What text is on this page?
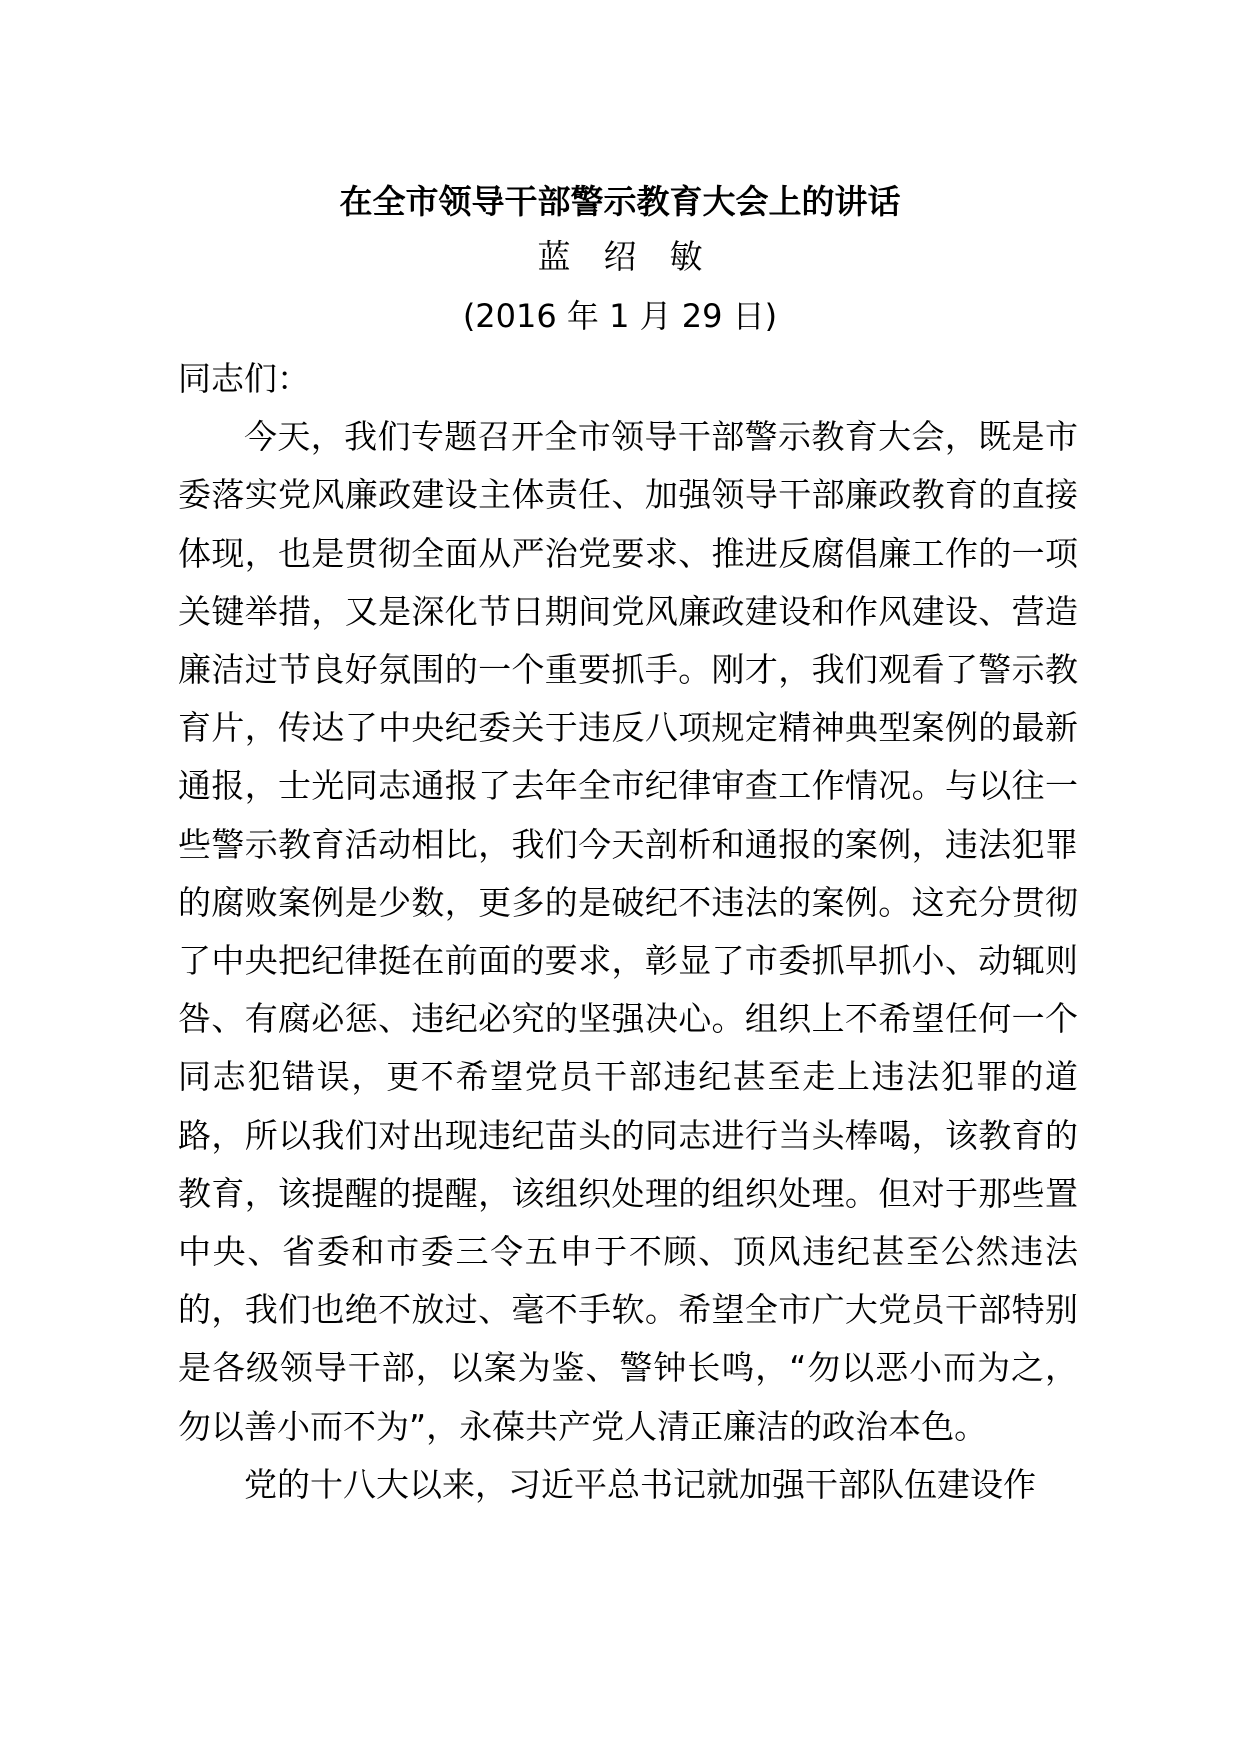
在全市领导干部警示教育大会上的讲话
蓝　绍　敏
(2016 年 1 月 29 日)

同志们：

今天，我们专题召开全市领导干部警示教育大会，既是市委落实党风廉政建设主体责任、加强领导干部廉政教育的直接体现，也是贯彻全面从严治党要求、推进反腐倡廉工作的一项关键举措，又是深化节日期间党风廉政建设和作风建设、营造廉洁过节良好氛围的一个重要抓手。刚才，我们观看了警示教育片，传达了中央纪委关于违反八项规定精神典型案例的最新通报，士光同志通报了去年全市纪律审查工作情况。与以往一些警示教育活动相比，我们今天剖析和通报的案例，违法犯罪的腐败案例是少数，更多的是破纪不违法的案例。这充分贯彻了中央把纪律挺在前面的要求，彰显了市委抓早抓小、动辄则咎、有腐必惩、违纪必究的坚强决心。组织上不希望任何一个同志犯错误，更不希望党员干部违纪甚至走上违法犯罪的道路，所以我们对出现违纪苗头的同志进行当头棒喝，该教育的教育，该提醒的提醒，该组织处理的组织处理。但对于那些置中央、省委和市委三令五申于不顾、顶风违纪甚至公然违法的，我们也绝不放过、毫不手软。希望全市广大党员干部特别是各级领导干部，以案为鉴、警钟长鸣，“勿以恶小而为之，勿以善小而不为”，永葆共产党人清正廉洁的政治本色。

党的十八大以来，习近平总书记就加强干部队伍建设作
